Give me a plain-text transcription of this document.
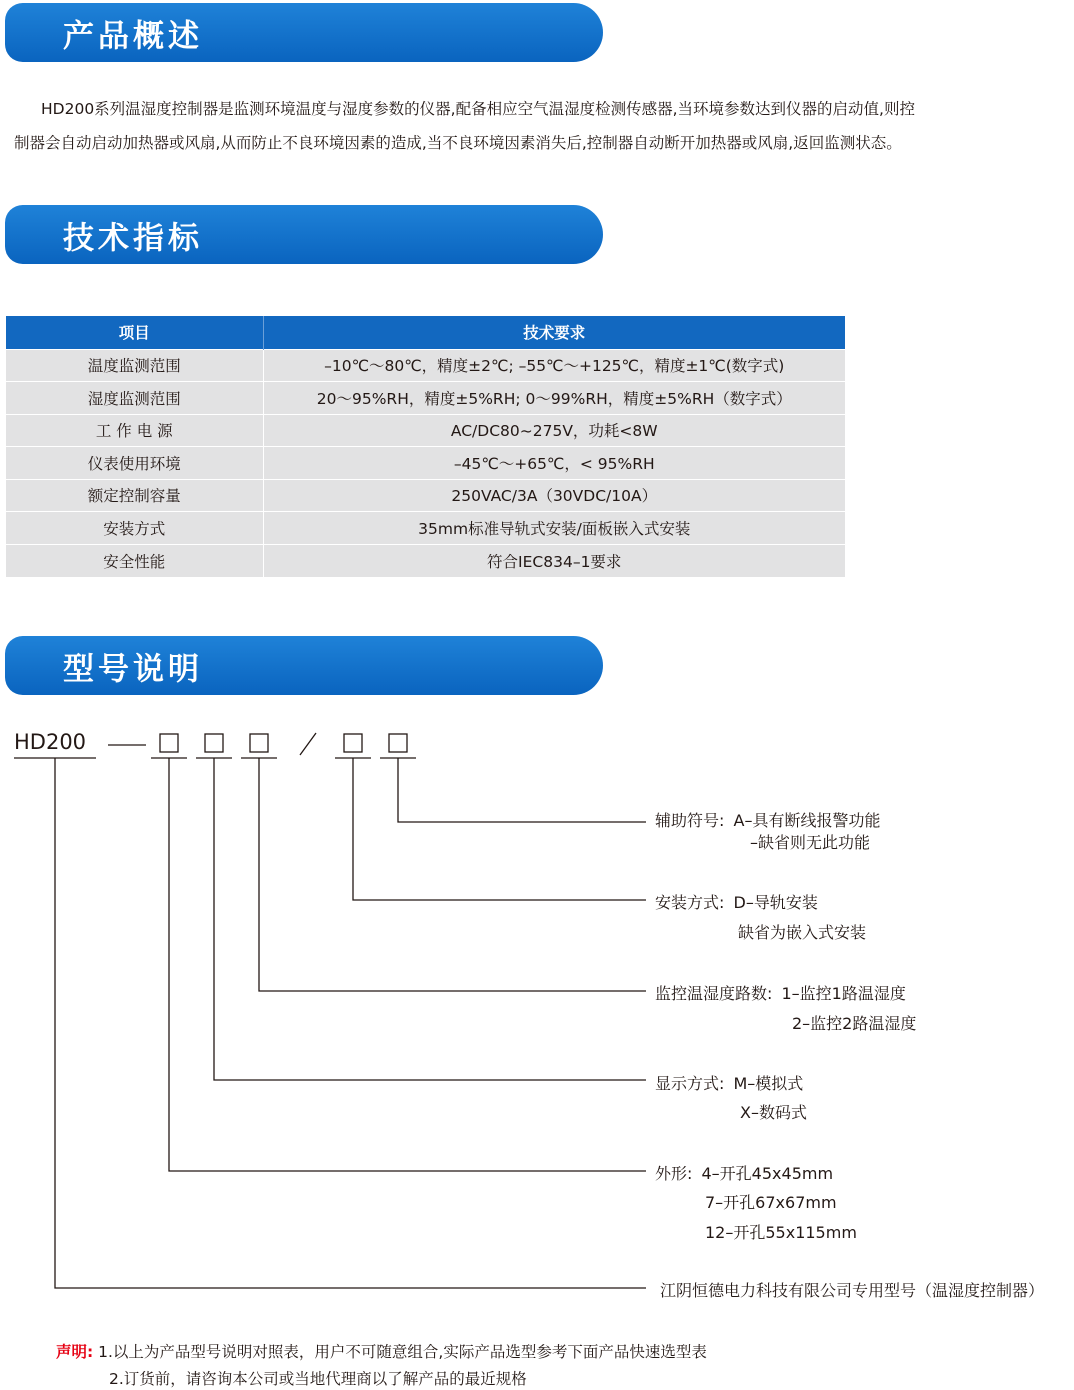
产品概述

HD200系列温湿度控制器是监测环境温度与湿度参数的仪器,配备相应空气温湿度检测传感器,当环境参数达到仪器的启动值,则控

制器会自动启动加热器或风扇,从而防止不良环境因素的造成,当不良环境因素消失后,控制器自动断开加热器或风扇,返回监测状态。

技术指标
项目	技术要求
温度监测范围	–10℃～80℃，精度±2℃; –55℃～+125℃，精度±1℃(数字式)
湿度监测范围	20～95%RH，精度±5%RH; 0～99%RH，精度±5%RH（数字式）
工 作 电 源	AC/DC80~275V，功耗<8W
仪表使用环境	–45℃～+65℃，< 95%RH
额定控制容量	250VAC/3A（30VDC/10A）
安装方式	35mm标准导轨式安装/面板嵌入式安装
安全性能	符合IEC834–1要求
型号说明
HD200
辅助符号: A–具有断线报警功能
–缺省则无此功能
安装方式: D–导轨安装
缺省为嵌入式安装
监控温湿度路数: 1–监控1路温湿度
2–监控2路温湿度
显示方式: M–模拟式
X–数码式
外形: 4–开孔45x45mm
7–开孔67x67mm
12–开孔55x115mm
江阴恒德电力科技有限公司专用型号（温湿度控制器）
声明: 1.以上为产品型号说明对照表，用户不可随意组合,实际产品选型参考下面产品快速选型表
2.订货前，请咨询本公司或当地代理商以了解产品的最近规格
